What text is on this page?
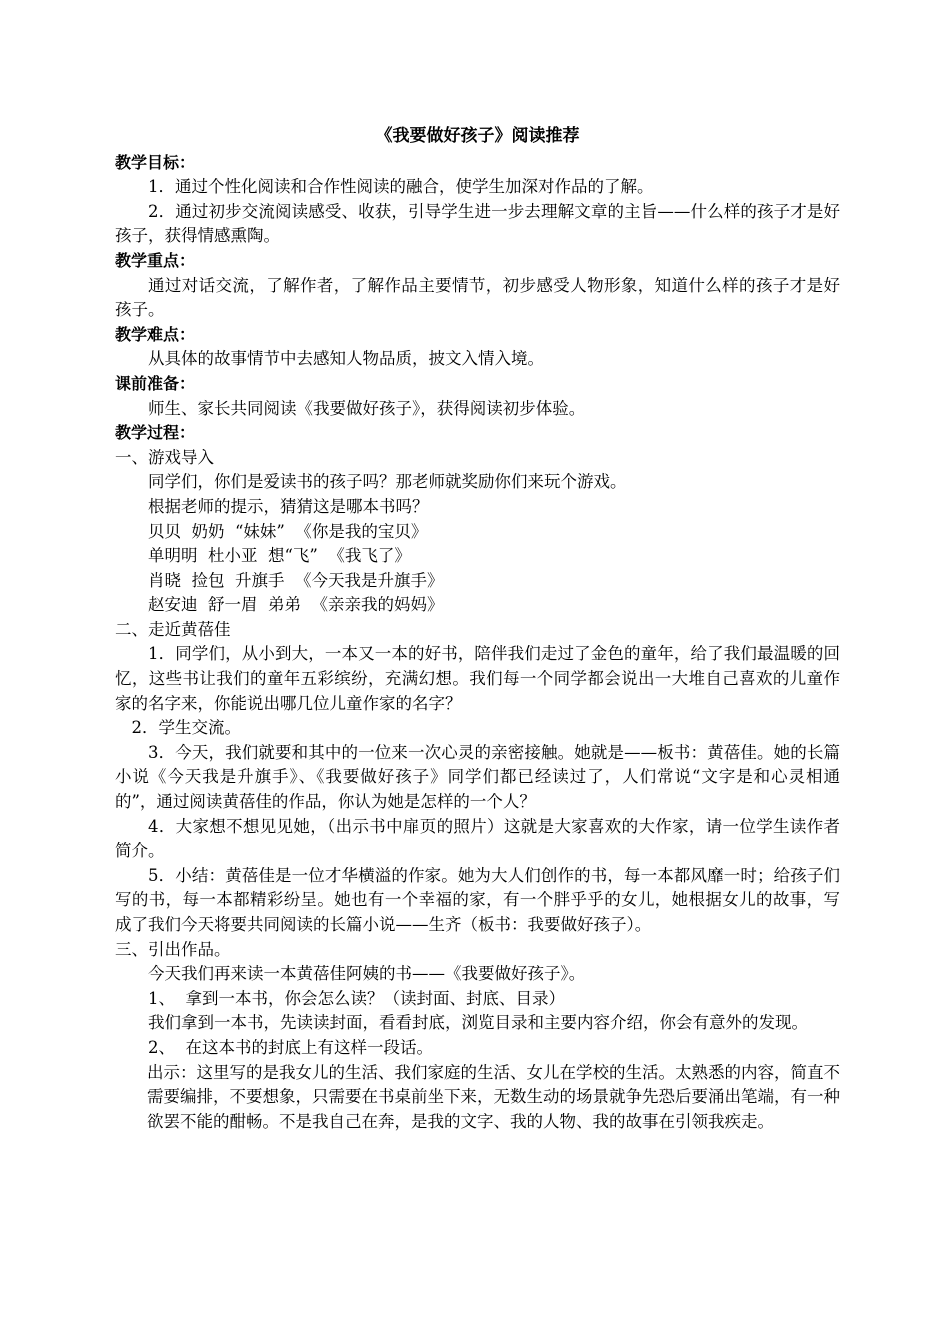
《我要做好孩子》阅读推荐
教学目标：
1．通过个性化阅读和合作性阅读的融合，使学生加深对作品的了解。
2．通过初步交流阅读感受、收获，引导学生进一步去理解文章的主旨——什么样的孩子才是好孩子，获得情感熏陶。
教学重点：
通过对话交流，了解作者，了解作品主要情节，初步感受人物形象，知道什么样的孩子才是好孩子。
教学难点：
从具体的故事情节中去感知人物品质，披文入情入境。
课前准备：
师生、家长共同阅读《我要做好孩子》，获得阅读初步体验。
教学过程：
一、游戏导入
同学们，你们是爱读书的孩子吗？那老师就奖励你们来玩个游戏。
根据老师的提示，猜猜这是哪本书吗？
贝贝  奶奶  “妹妹”  《你是我的宝贝》
单明明  杜小亚  想“飞”  《我飞了》
肖晓  捡包  升旗手  《今天我是升旗手》
赵安迪  舒一眉  弟弟  《亲亲我的妈妈》
二、走近黄蓓佳
1．同学们，从小到大，一本又一本的好书，陪伴我们走过了金色的童年，给了我们最温暖的回忆，这些书让我们的童年五彩缤纷，充满幻想。我们每一个同学都会说出一大堆自己喜欢的儿童作家的名字来，你能说出哪几位儿童作家的名字？
2．学生交流。
3．今天，我们就要和其中的一位来一次心灵的亲密接触。她就是——板书：黄蓓佳。她的长篇小说《今天我是升旗手》、《我要做好孩子》同学们都已经读过了，人们常说“文字是和心灵相通的”，通过阅读黄蓓佳的作品，你认为她是怎样的一个人？
4．大家想不想见见她，（出示书中扉页的照片）这就是大家喜欢的大作家，请一位学生读作者简介。
5．小结：黄蓓佳是一位才华横溢的作家。她为大人们创作的书，每一本都风靡一时；给孩子们写的书，每一本都精彩纷呈。她也有一个幸福的家，有一个胖乎乎的女儿，她根据女儿的故事，写成了我们今天将要共同阅读的长篇小说——生齐（板书：我要做好孩子）。
三、引出作品。
今天我们再来读一本黄蓓佳阿姨的书——《我要做好孩子》。
1、  拿到一本书，你会怎么读？（读封面、封底、目录）
我们拿到一本书，先读读封面，看看封底，浏览目录和主要内容介绍，你会有意外的发现。
2、  在这本书的封底上有这样一段话。
出示：这里写的是我女儿的生活、我们家庭的生活、女儿在学校的生活。太熟悉的内容，简直不需要编排，不要想象，只需要在书桌前坐下来，无数生动的场景就争先恐后要涌出笔端，有一种欲罢不能的酣畅。不是我自己在奔，是我的文字、我的人物、我的故事在引领我疾走。
